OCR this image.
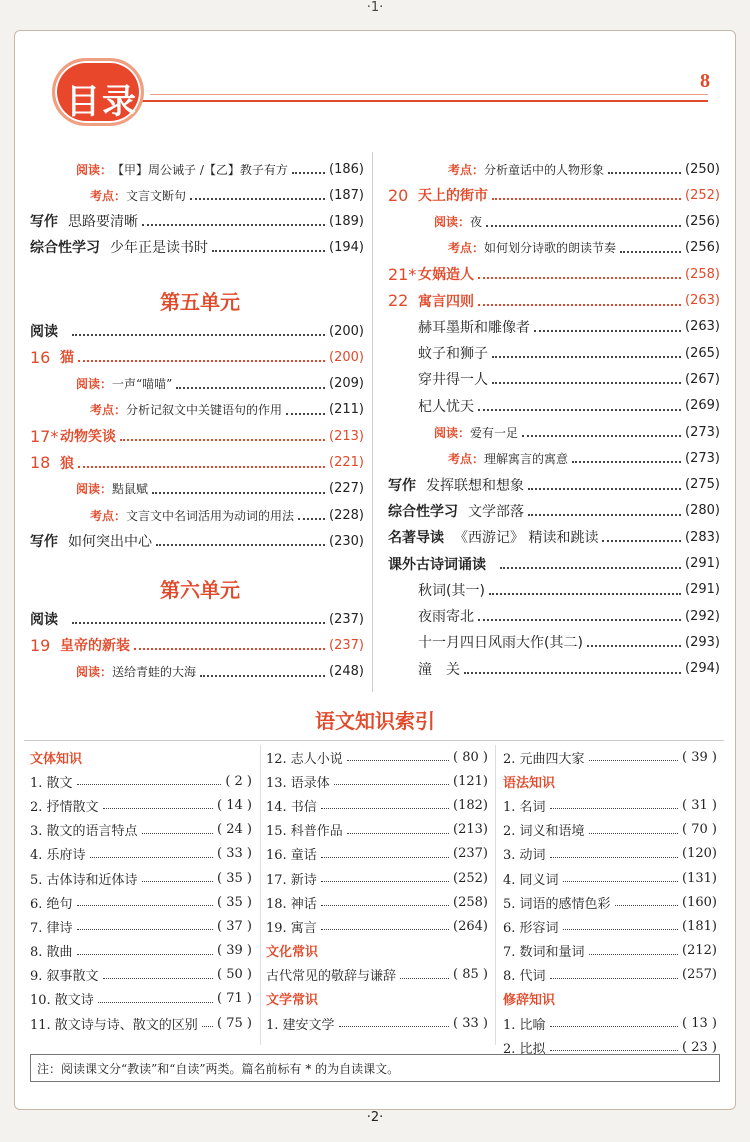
·1·
目录
8
语文知识索引
文体知识
1. 散文	( 2 )
2. 抒情散文	( 14 )
3. 散文的语言特点	( 24 )
4. 乐府诗	( 33 )
5. 古体诗和近体诗	( 35 )
6. 绝句	( 35 )
7. 律诗	( 37 )
8. 散曲	( 39 )
9. 叙事散文	( 50 )
10. 散文诗	( 71 )
11. 散文诗与诗、散文的区别 ( 75 )
12. 志人小说	( 80 )
13. 语录体	(121)
14. 书信	(182)
15. 科普作品	(213)
16. 童话	(237)
17. 新诗	(252)
18. 神话	(258)
19. 寓言	(264)
文化常识
古代常见的敬辞与谦辞	( 85 )
文学常识
1. 建安文学	( 33 )
2. 元曲四大家	( 39 )
语法知识
1. 名词	( 31 )
2. 词义和语境	( 70 )
3. 动词	(120)
4. 同义词	(131)
5. 词语的感情色彩	(160)
6. 形容词	(181)
7. 数词和量词	(212)
8. 代词	(257)
修辞知识
1. 比喻	( 13 )
2. 比拟	( 23 )
注：阅读课文分“教读”和“自读”两类。篇名前标有 * 的为自读课文。
·2·
阅读 ： 【甲】周公诫子 /【乙】教子有方	(186)
考点 ： 文言文断句	(187)
写作 思路要清晰	(189)
综合性学习 少年正是读书时	(194)
第五单元
阅读	(200)
16 猫	(200)
阅读 ： 一声“喵喵”	(209)
考点 ： 分析记叙文中关键语句的作用	(211)
17* 动物笑谈	(213)
18 狼	(221)
阅读 ： 黠鼠赋	(227)
考点 ： 文言文中名词活用为动词的用法	(228)
写作 如何突出中心	(230)
第六单元
阅读	(237)
19 皇帝的新装	(237)
阅读 ： 送给青蛙的大海	(248)
考点 ： 分析童话中的人物形象	(250)
20 天上的街市	(252)
阅读 ： 夜	(256)
考点 ： 如何划分诗歌的朗读节奏	(256)
21* 女娲造人	(258)
22 寓言四则	(263)
赫耳墨斯和雕像者	(263)
蚊子和狮子	(265)
穿井得一人	(267)
杞人忧天	(269)
阅读 ： 爱有一足	(273)
考点 ： 理解寓言的寓意	(273)
写作 发挥联想和想象	(275)
综合性学习 文学部落	(280)
名著导读 《西游记》 精读和跳读	(283)
课外古诗词诵读	(291)
秋词(其一)	(291)
夜雨寄北	(292)
十一月四日风雨大作(其二)	(293)
潼　关	(294)
